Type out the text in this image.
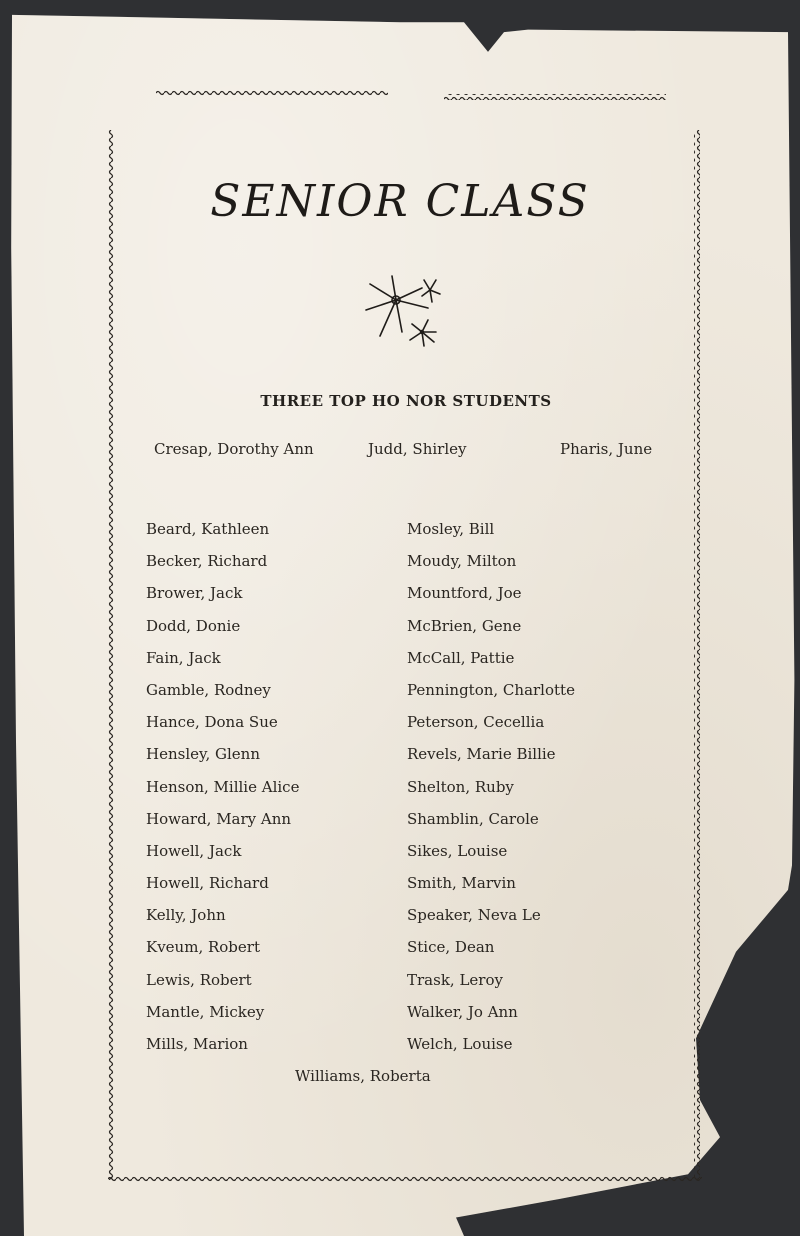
SENIOR CLASS
THREE TOP HO NOR STUDENTS
Cresap, Dorothy Ann	Judd, Shirley	Pharis, June
Beard, Kathleen
Becker, Richard
Brower, Jack
Dodd, Donie
Fain, Jack
Gamble, Rodney
Hance, Dona Sue
Hensley, Glenn
Henson, Millie Alice
Howard, Mary Ann
Howell, Jack
Howell, Richard
Kelly, John
Kveum, Robert
Lewis, Robert
Mantle, Mickey
Mills, Marion
Mosley, Bill
Moudy, Milton
Mountford, Joe
McBrien, Gene
McCall, Pattie
Pennington, Charlotte
Peterson, Cecellia
Revels, Marie Billie
Shelton, Ruby
Shamblin, Carole
Sikes, Louise
Smith, Marvin
Speaker, Neva Le
Stice, Dean
Trask, Leroy
Walker, Jo Ann
Welch, Louise
Williams, Roberta
